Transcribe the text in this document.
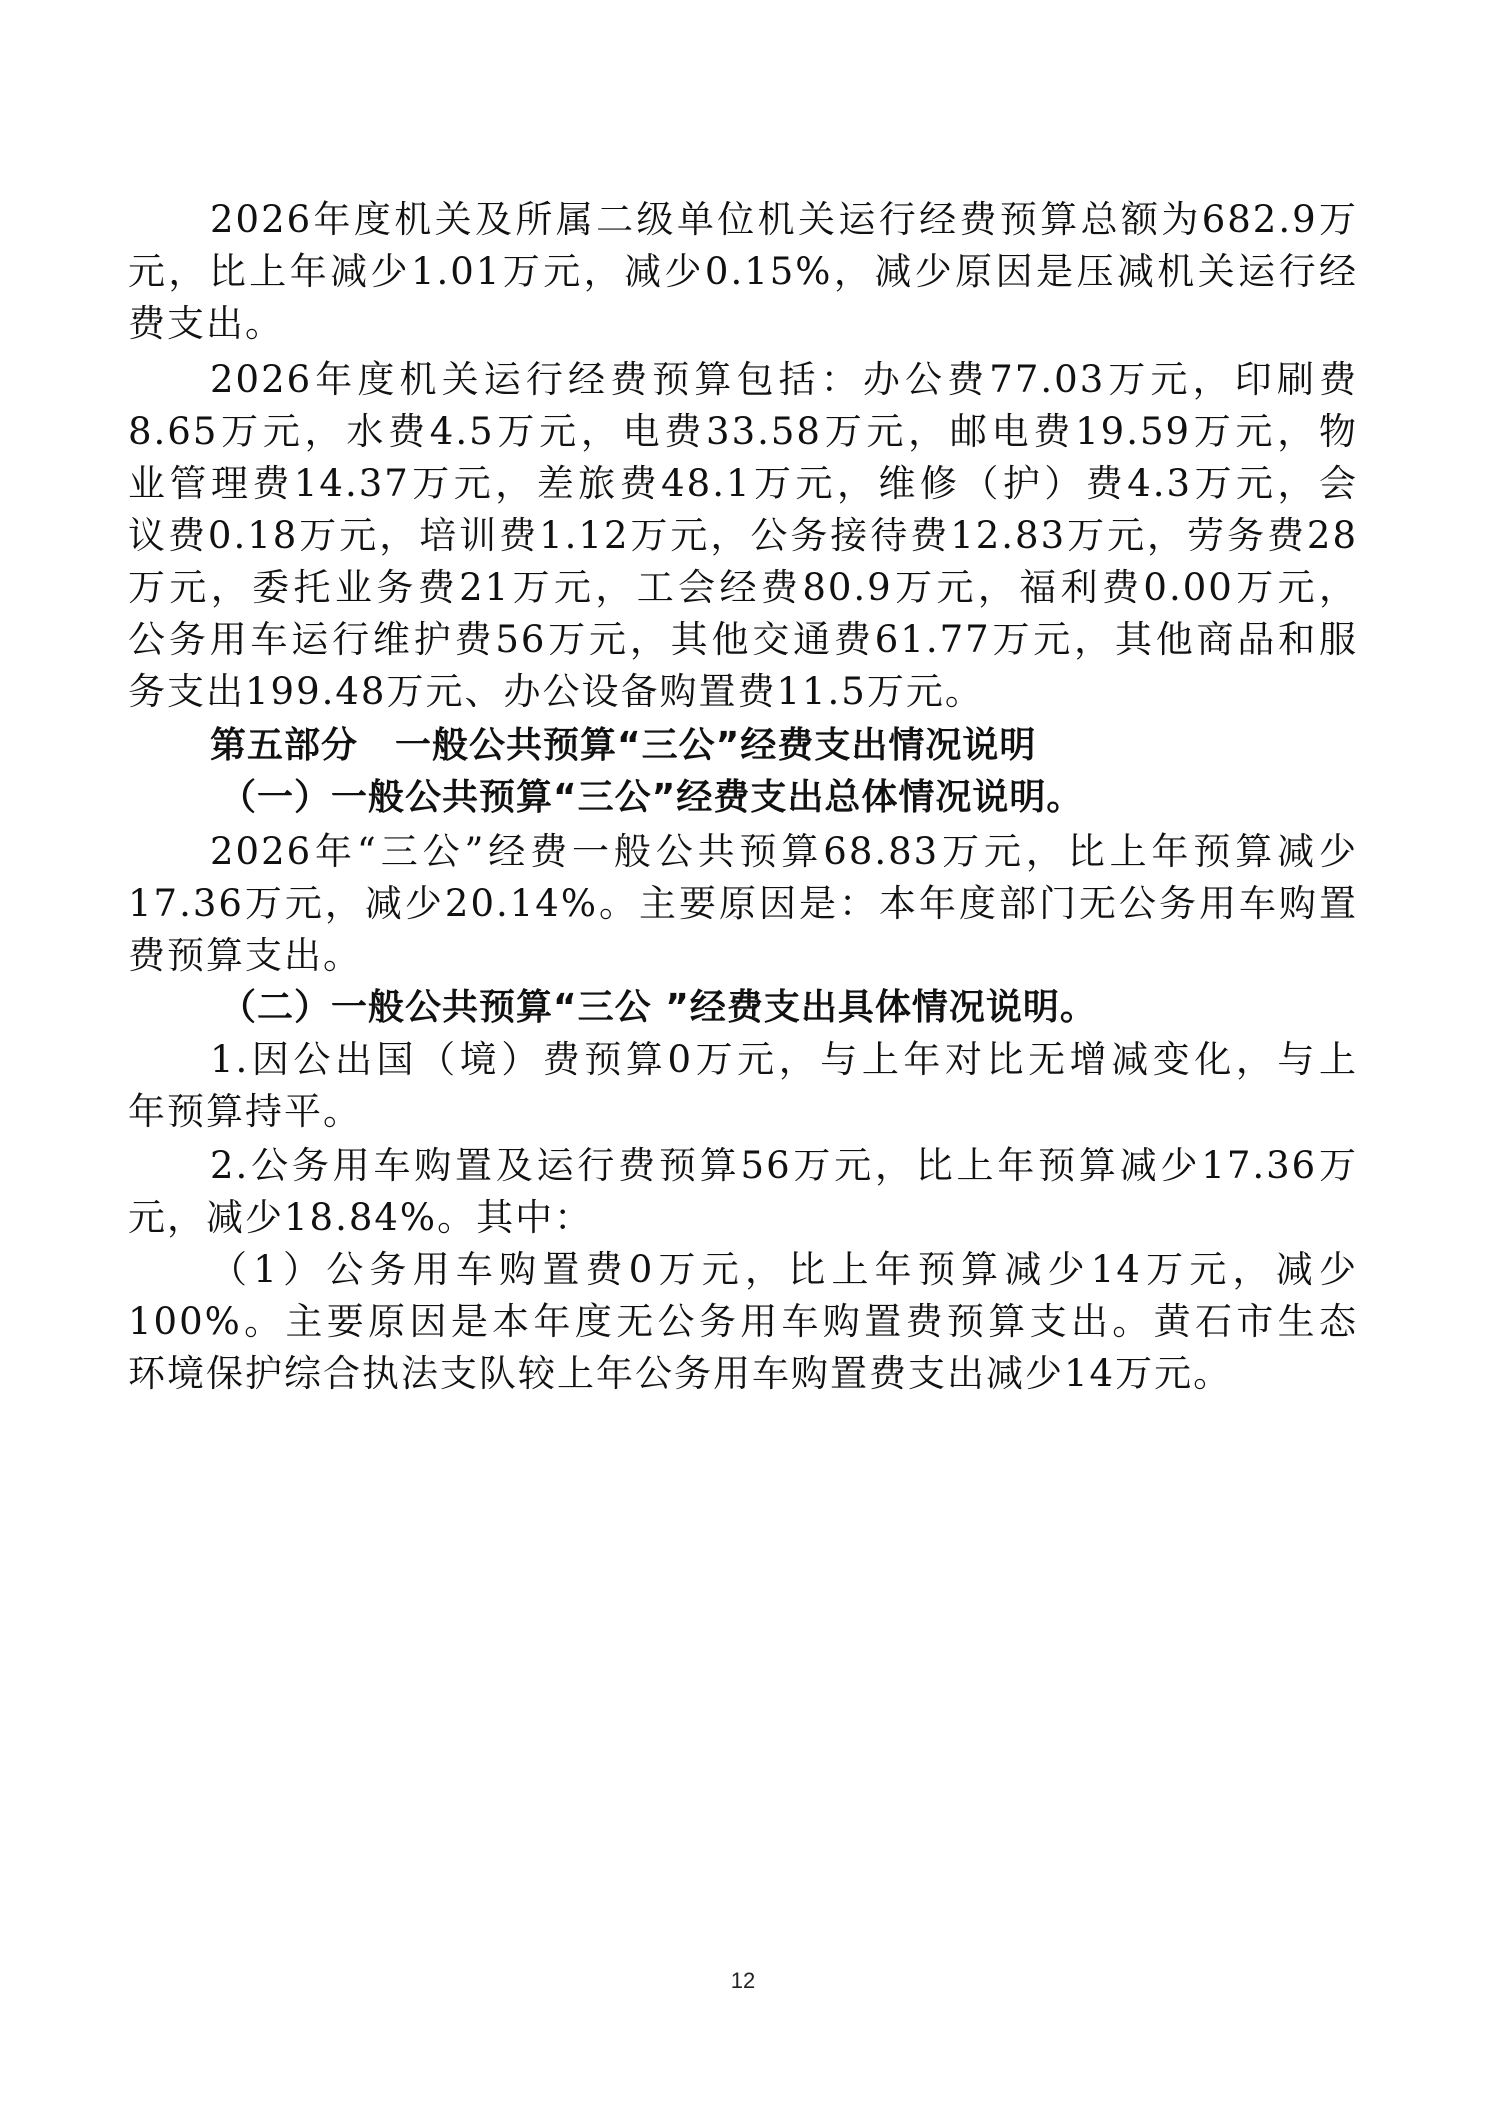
2026年度机关及所属二级单位机关运行经费预算总额为682.9万
元，比上年减少1.01万元，减少0.15%，减少原因是压减机关运行经
费支出。
2026年度机关运行经费预算包括：办公费77.03万元，印刷费
8.65万元，水费4.5万元，电费33.58万元，邮电费19.59万元，物
业管理费14.37万元，差旅费48.1万元，维修（护）费4.3万元，会
议费0.18万元，培训费1.12万元，公务接待费12.83万元，劳务费28
万元，委托业务费21万元，工会经费80.9万元，福利费0.00万元，
公务用车运行维护费56万元，其他交通费61.77万元，其他商品和服
务支出199.48万元、办公设备购置费11.5万元。
第五部分　一般公共预算“三公”经费支出情况说明
（一）一般公共预算“三公”经费支出总体情况说明。
2026年“三公”经费一般公共预算68.83万元，比上年预算减少
17.36万元，减少20.14%。主要原因是：本年度部门无公务用车购置
费预算支出。
（二）一般公共预算“三公 ”经费支出具体情况说明。
1.因公出国（境）费预算0万元，与上年对比无增减变化，与上
年预算持平。
2.公务用车购置及运行费预算56万元，比上年预算减少17.36万
元，减少18.84%。其中：
（1）公务用车购置费0万元，比上年预算减少14万元，减少
100%。主要原因是本年度无公务用车购置费预算支出。黄石市生态
环境保护综合执法支队较上年公务用车购置费支出减少14万元。
12
